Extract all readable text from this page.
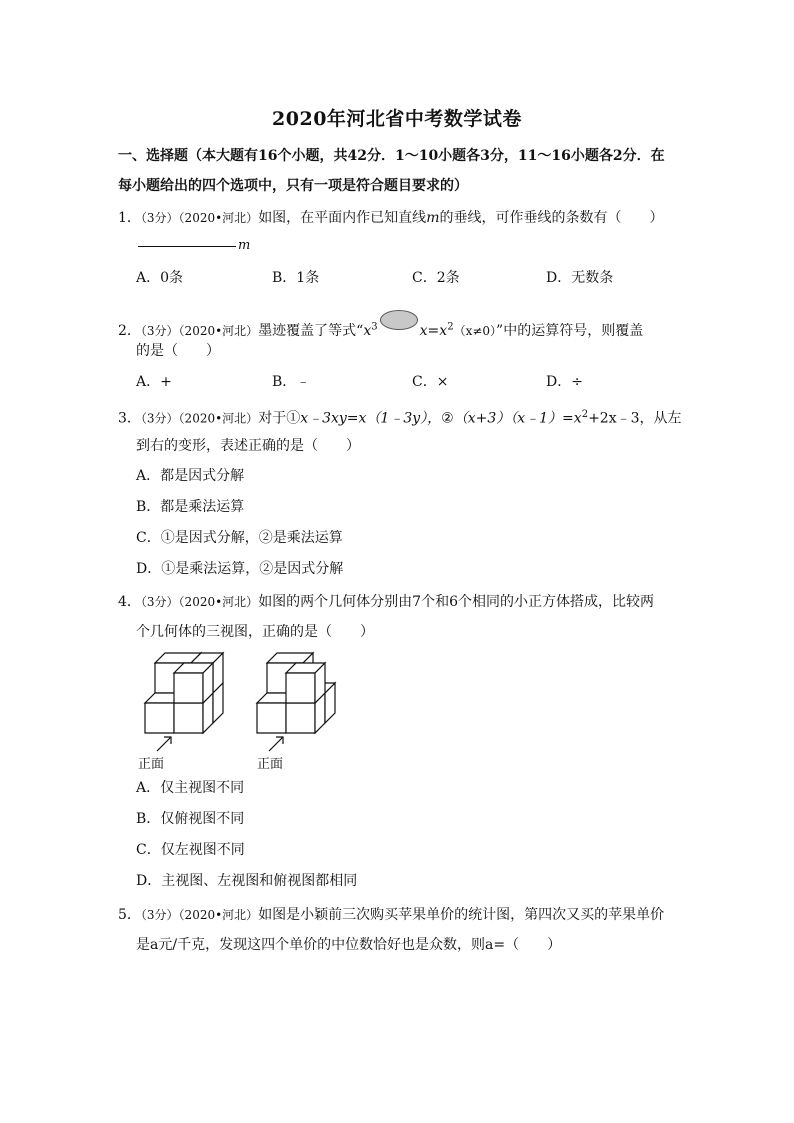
2020年河北省中考数学试卷
一、选择题（本大题有16个小题，共42分．1～10小题各3分，11～16小题各2分．在
每小题给出的四个选项中，只有一项是符合题目要求的）
1．（3分）（2020•河北）如图，在平面内作已知直线m的垂线，可作垂线的条数有（　　）
m
A．0条	B．1条	C．2条	D．无数条
2．（3分）（2020•河北）墨迹覆盖了等式“$x^3$	$x=x^2(x\ne 0)$”中的运算符号，则覆盖
的是（　　）
A．+	B．﹣	C．×	D．÷
3．（3分）（2020•河北）对于①x﹣3xy=x（1﹣3y），$②(x+3)(x﹣1)=x^2+2x﹣3$，从左
到右的变形，表述正确的是（　　）
A．都是因式分解
B．都是乘法运算
C．①是因式分解，②是乘法运算
D．①是乘法运算，②是因式分解
4．（3分）（2020•河北）如图的两个几何体分别由7个和6个相同的小正方体搭成，比较两
个几何体的三视图，正确的是（　　）
正面	正面
A．仅主视图不同
B．仅俯视图不同
C．仅左视图不同
D．主视图、左视图和俯视图都相同
5．（3分）（2020•河北）如图是小颖前三次购买苹果单价的统计图，第四次又买的苹果单价
是a元/千克，发现这四个单价的中位数恰好也是众数，则a=（　　）
